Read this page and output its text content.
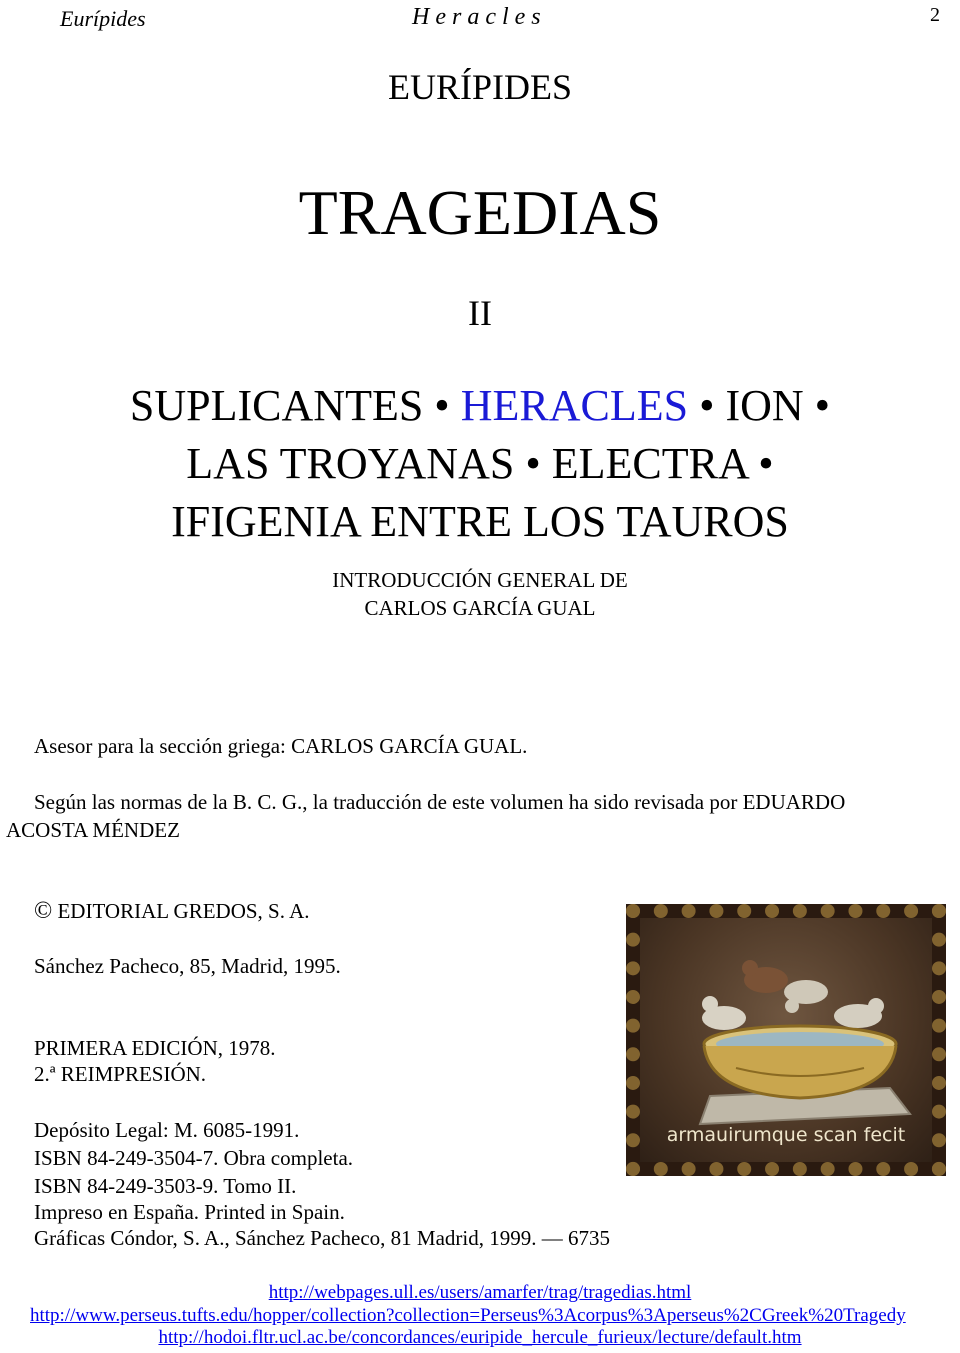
Eurípides	H e r a c l e s	2
EURÍPIDES
TRAGEDIAS
II
SUPLICANTES • HERACLES • ION •
LAS TROYANAS • ELECTRA •
IFIGENIA ENTRE LOS TAUROS
INTRODUCCIÓN GENERAL DE
CARLOS GARCÍA GUAL
Asesor para la sección griega: CARLOS GARCÍA GUAL.
Según las normas de la B. C. G., la traducción de este volumen ha sido revisada por EDUARDO
ACOSTA MÉNDEZ
© EDITORIAL GREDOS, S. A.
Sánchez Pacheco, 85, Madrid, 1995.
PRIMERA EDICIÓN, 1978.
2.ª REIMPRESIÓN.
Depósito Legal: M. 6085-1991.
ISBN 84-249-3504-7. Obra completa.
ISBN 84-249-3503-9. Tomo II.
Impreso en España. Printed in Spain.
Gráficas Cóndor, S. A., Sánchez Pacheco, 81 Madrid, 1999. — 6735
armauirumque scan fecit
http://webpages.ull.es/users/amarfer/trag/tragedias.html
http://www.perseus.tufts.edu/hopper/collection?collection=Perseus%3Acorpus%3Aperseus%2CGreek%20Tragedy
http://hodoi.fltr.ucl.ac.be/concordances/euripide_hercule_furieux/lecture/default.htm
